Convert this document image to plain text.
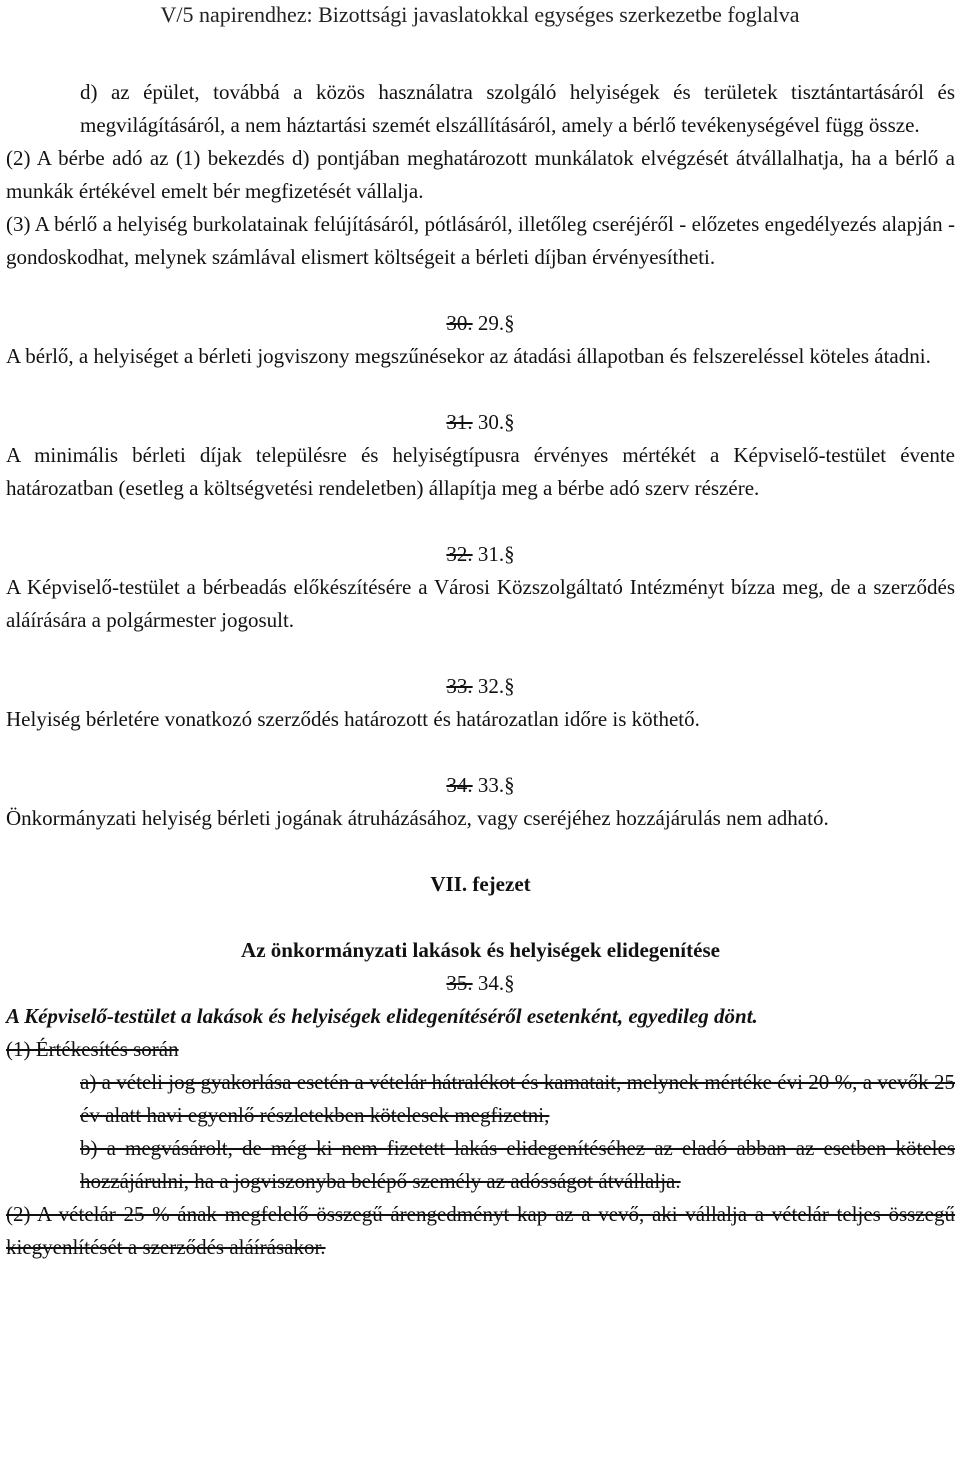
V/5 napirendhez: Bizottsági javaslatokkal egységes szerkezetbe foglalva

d) az épület, továbbá a közös használatra szolgáló helyiségek és területek tisztántartásáról és megvilágításáról, a nem háztartási szemét elszállításáról, amely a bérlő tevékenységével függ össze.

(2) A bérbe adó az (1) bekezdés d) pontjában meghatározott munkálatok elvégzését átvállalhatja, ha a bérlő a munkák értékével emelt bér megfizetését vállalja.

(3) A bérlő a helyiség burkolatainak felújításáról, pótlásáról, illetőleg cseréjéről - előzetes engedélyezés alapján - gondoskodhat, melynek számlával elismert költségeit a bérleti díjban érvényesítheti.

30. 29.§

A bérlő, a helyiséget a bérleti jogviszony megszűnésekor az átadási állapotban és felszereléssel köteles átadni.

31. 30.§

A minimális bérleti díjak településre és helyiségtípusra érvényes mértékét a Képviselő-testület évente határozatban (esetleg a költségvetési rendeletben) állapítja meg a bérbe adó szerv részére.

32. 31.§

A Képviselő-testület a bérbeadás előkészítésére a Városi Közszolgáltató Intézményt bízza meg, de a szerződés aláírására a polgármester jogosult.

33. 32.§

Helyiség bérletére vonatkozó szerződés határozott és határozatlan időre is köthető.

34. 33.§

Önkormányzati helyiség bérleti jogának átruházásához, vagy cseréjéhez hozzájárulás nem adható.

VII. fejezet

Az önkormányzati lakások és helyiségek elidegenítése

35. 34.§

A Képviselő-testület a lakások és helyiségek elidegenítéséről esetenként, egyedileg dönt.

(1) Értékesítés során

a) a vételi jog gyakorlása esetén a vételár hátralékot és kamatait, melynek mértéke évi 20 %, a vevők 25 év alatt havi egyenlő részletekben kötelesek megfizetni,

b) a megvásárolt, de még ki nem fizetett lakás elidegenítéséhez az eladó abban az esetben köteles hozzájárulni, ha a jogviszonyba belépő személy az adósságot átvállalja.

(2) A vételár 25 % ának megfelelő összegű árengedményt kap az a vevő, aki vállalja a vételár teljes összegű kiegyenlítését a szerződés aláírásakor.
